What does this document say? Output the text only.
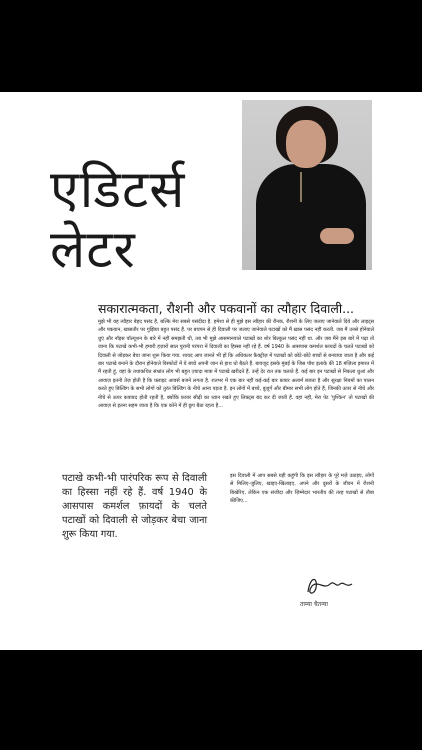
एडिटर्स
लेटर
सकारात्मकता, रौशनी और पकवानों का त्यौहार दिवाली...
मुझे भी यह त्यौहार बेहद पसंद है, बल्कि मेरा सबसे पसंदीदा है. हमेशा से ही मुझे इस त्यौहार की रौनक, रौशनी के लिए जलाए जानेवाले दिये और लाइट्स और पकवान, खासतौर पर गुझिया बहुत पसंद हैं. पर बचपन से ही दिवाली पर जलाए जानेवाले पटाखों को मैं ख़ास पसंद नहीं करती. जब मैं उनसे होनेवाले धुएं और नॉइस पॉल्यूशन के बारे में नहीं समझती थी, तब भी मुझे आसमानवाले पटाखों का शोर बिल्कुल पसंद नहीं था. और जब मैंने इस बारे में पढ़ा तो जाना कि पटाखे कभी-भी हमारी हज़ारों साल पुरानी परंपरा में दिवाली का हिस्सा नहीं रहे हैं. वर्ष 1940 के आसपास कमर्शल फ़ायदों के चलते पटाखों को दिवाली से जोड़कर बेचा जाना शुरू किया गया. शायद आप जानते भी हों कि अधिकतर फ़ैक्ट्रीज़ में पटाखों को छोटे-छोटे बच्चों से बनवाया जाता है और कई बार पटाखे बनाने के दौरान होनेवाले विस्फोटों में ये बच्चे अपनी जान से हाथ धो बैठते हैं. बावजूद इसके मुंबई के जिस पॉश इलाके की 18 मंज़िला इमारत में मैं रहती हूं, वहां के तथाकथित संभ्रांत लोग भी बहुत ज़्यादा मात्रा में पटाखे ख़रीदते हैं. उन्हें देर रात तक चलाते हैं. कई बार इन पटाखों से निकला धुआं और आवाज़ इतनी तेज़ होती है कि फ़्लाइट आवर्स बजने लगता है. रातभर में एक बार नहीं कई-कई बार फ़ायर अलार्म बजता है और सुरक्षा नियमों का पालन करते हुए बिल्डिंग के सभी लोगों को तुरंत बिल्डिंग के नीचे आना पड़ता है. इन लोगों में बच्चे, बुज़ुर्ग और बीमार सभी लोग होते हैं, जिनकी ऊपर से नीचे और नीचे से ऊपर कवायद होती रहती है, क्योंकि फ़ायर सीढ़ी का ध्यान रखते हुए लिफ़्ट्स बंद कर दी जाती हैं. वहां नहीं, मेरा पेट 'पुश्किन' तो पटाखों की आवाज़ से इतना सहम जाता है कि एक कोने में ही छुप बैठा रहता है...
पटाखे कभी-भी पारंपरिक रूप से दिवाली का हिस्सा नहीं रहे हैं. वर्ष 1940 के आसपास कमर्शल फ़ायदों के चलते पटाखों को दिवाली से जोड़कर बेचा जाना शुरू किया गया.
इस दिवाली में आप सबसे यही कहूंगी कि इस त्यौहार के पूरे मज़े उठाइए, लोगों से मिलिए-जुलिए, खाइए-खिलाइए, अपने और दूसरों के जीवन में रौशनी बिखेरिए, लेकिन एक संजीदा और ज़िम्मेदार भारतीय की तरह पटाखों से तौबा कीजिए...
ताम्या चैतन्या
